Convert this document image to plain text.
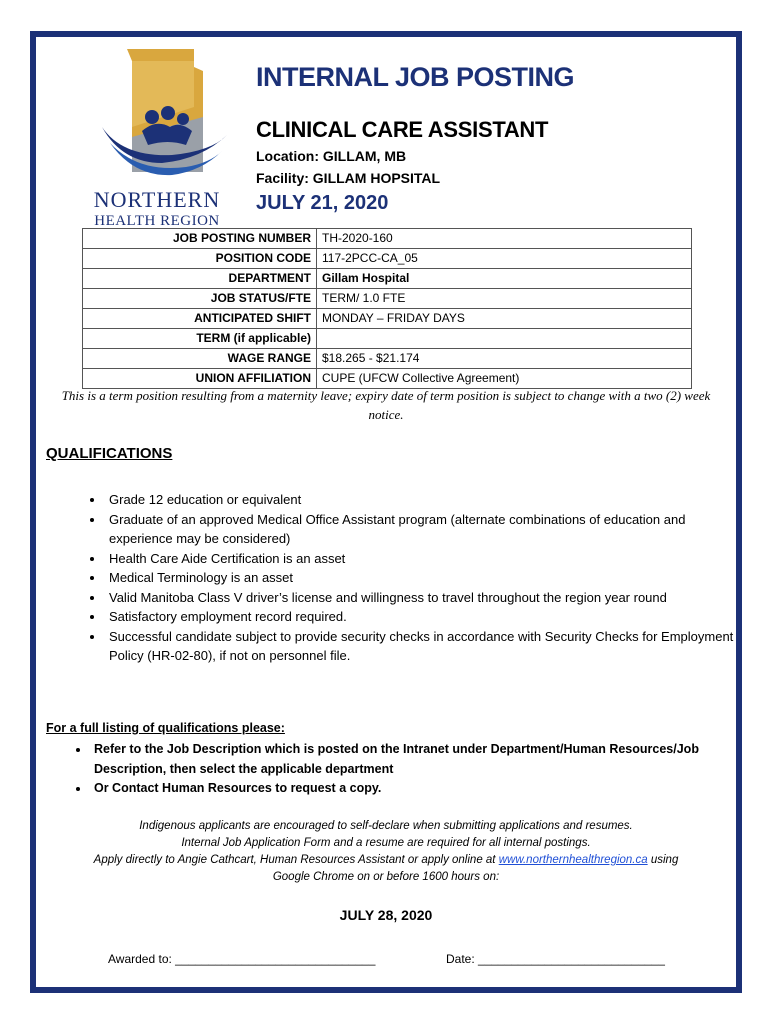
NORTHERN
HEALTH REGION
INTERNAL JOB POSTING
CLINICAL CARE ASSISTANT
Location: GILLAM, MB
Facility: GILLAM HOPSITAL
JULY 21, 2020
JOB POSTING NUMBER	TH-2020-160
POSITION CODE	117-2PCC-CA_05
DEPARTMENT	Gillam Hospital
JOB STATUS/FTE	TERM/ 1.0 FTE
ANTICIPATED SHIFT	MONDAY – FRIDAY DAYS
TERM (if applicable)	
WAGE RANGE	$18.265 - $21.174
UNION AFFILIATION	CUPE (UFCW Collective Agreement)
This is a term position resulting from a maternity leave; expiry date of term position is subject to change with a two (2) week notice.
QUALIFICATIONS
• Grade 12 education or equivalent
• Graduate of an approved Medical Office Assistant program (alternate combinations of education and experience may be considered)
• Health Care Aide Certification is an asset
• Medical Terminology is an asset
• Valid Manitoba Class V driver’s license and willingness to travel throughout the region year round
• Satisfactory employment record required.
• Successful candidate subject to provide security checks in accordance with Security Checks for Employment Policy (HR-02-80), if not on personnel file.
For a full listing of qualifications please:
• Refer to the Job Description which is posted on the Intranet under Department/Human Resources/Job Description, then select the applicable department
• Or Contact Human Resources to request a copy.
Indigenous applicants are encouraged to self-declare when submitting applications and resumes.
Internal Job Application Form and a resume are required for all internal postings.
Apply directly to Angie Cathcart, Human Resources Assistant or apply online at www.northernhealthregion.ca using
Google Chrome on or before 1600 hours on:
JULY 28, 2020
Awarded to: ______________________________	Date: ____________________________
